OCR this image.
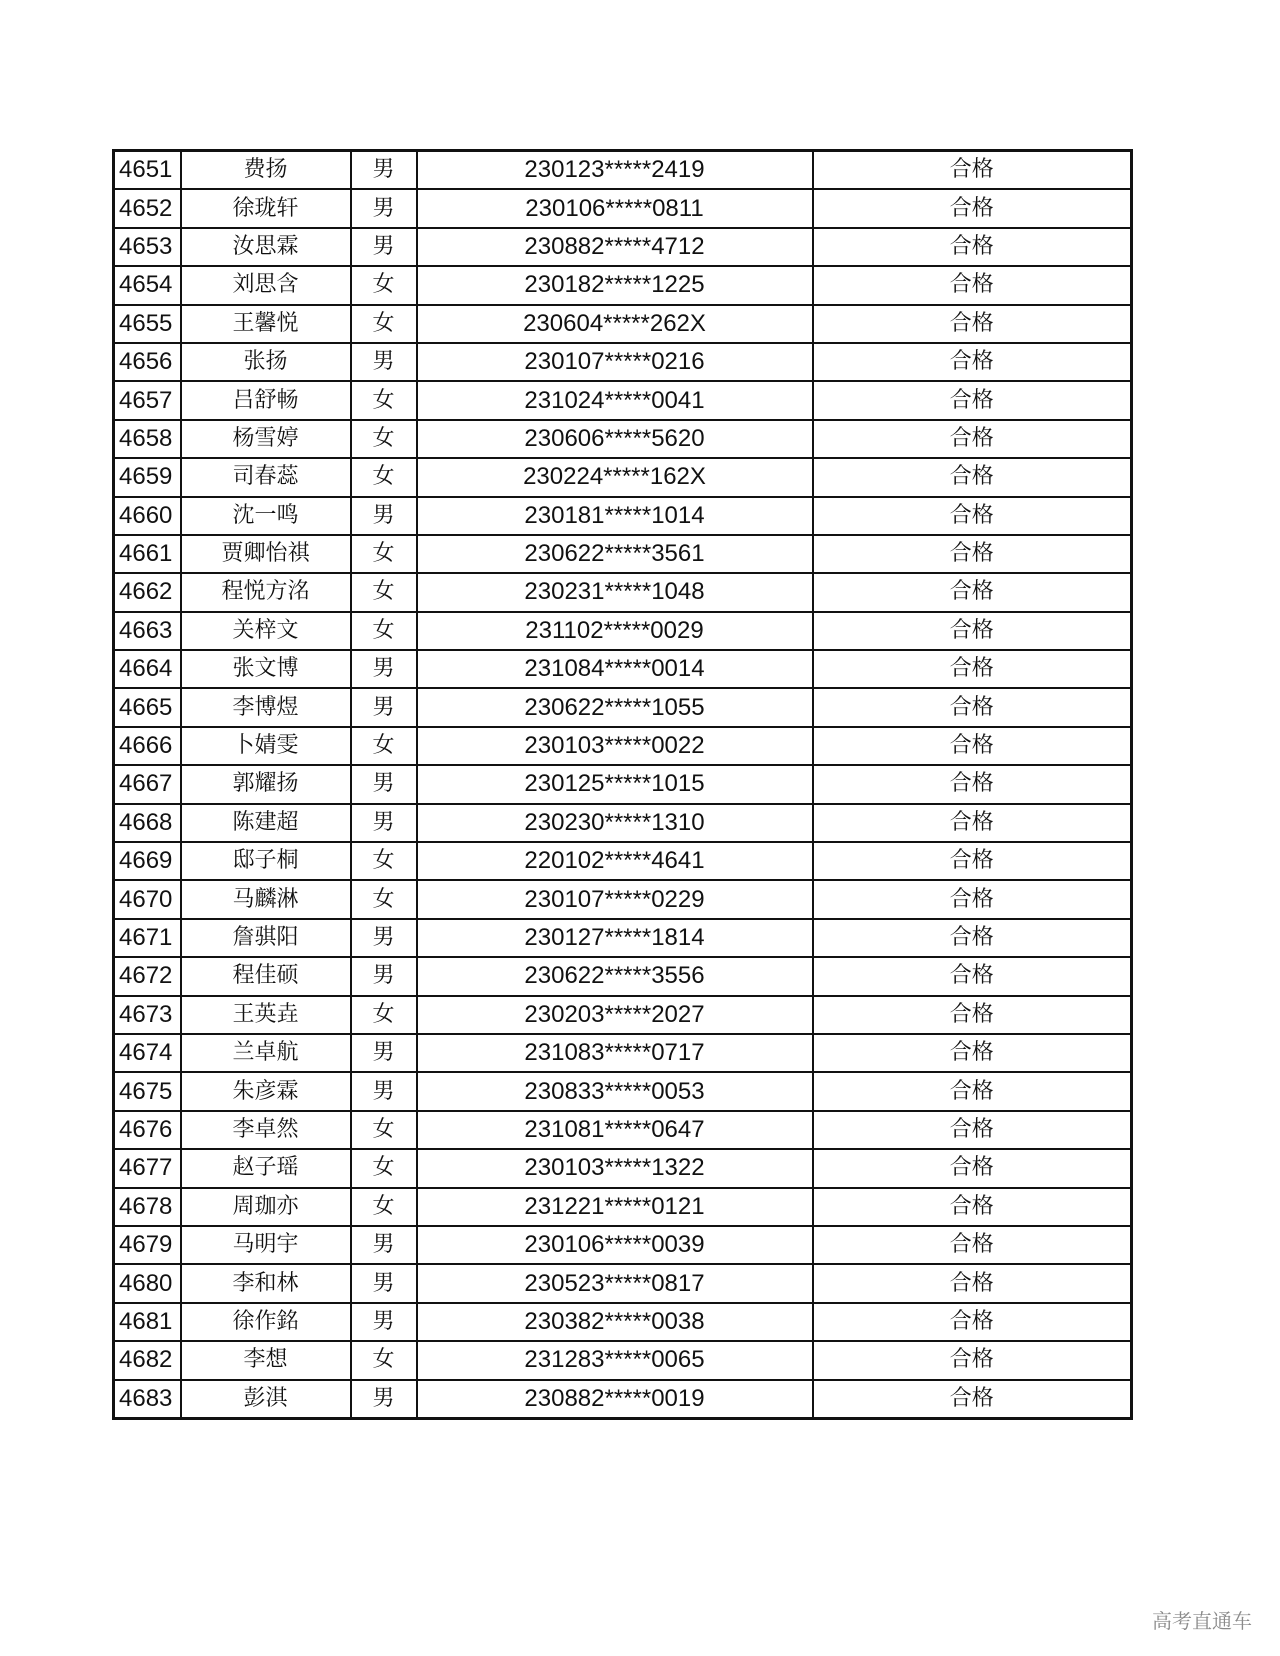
4651	费扬	男	230123*****2419	合格
4652	徐珑轩	男	230106*****0811	合格
4653	汝思霖	男	230882*****4712	合格
4654	刘思含	女	230182*****1225	合格
4655	王馨悦	女	230604*****262X	合格
4656	张扬	男	230107*****0216	合格
4657	吕舒畅	女	231024*****0041	合格
4658	杨雪婷	女	230606*****5620	合格
4659	司春蕊	女	230224*****162X	合格
4660	沈一鸣	男	230181*****1014	合格
4661	贾卿怡祺	女	230622*****3561	合格
4662	程悦方洺	女	230231*****1048	合格
4663	关梓文	女	231102*****0029	合格
4664	张文博	男	231084*****0014	合格
4665	李博煜	男	230622*****1055	合格
4666	卜婧雯	女	230103*****0022	合格
4667	郭耀扬	男	230125*****1015	合格
4668	陈建超	男	230230*****1310	合格
4669	邸子桐	女	220102*****4641	合格
4670	马麟淋	女	230107*****0229	合格
4671	詹骐阳	男	230127*****1814	合格
4672	程佳硕	男	230622*****3556	合格
4673	王英垚	女	230203*****2027	合格
4674	兰卓航	男	231083*****0717	合格
4675	朱彦霖	男	230833*****0053	合格
4676	李卓然	女	231081*****0647	合格
4677	赵子瑶	女	230103*****1322	合格
4678	周珈亦	女	231221*****0121	合格
4679	马明宇	男	230106*****0039	合格
4680	李和林	男	230523*****0817	合格
4681	徐作銘	男	230382*****0038	合格
4682	李想	女	231283*****0065	合格
4683	彭淇	男	230882*****0019	合格
高考直通车
